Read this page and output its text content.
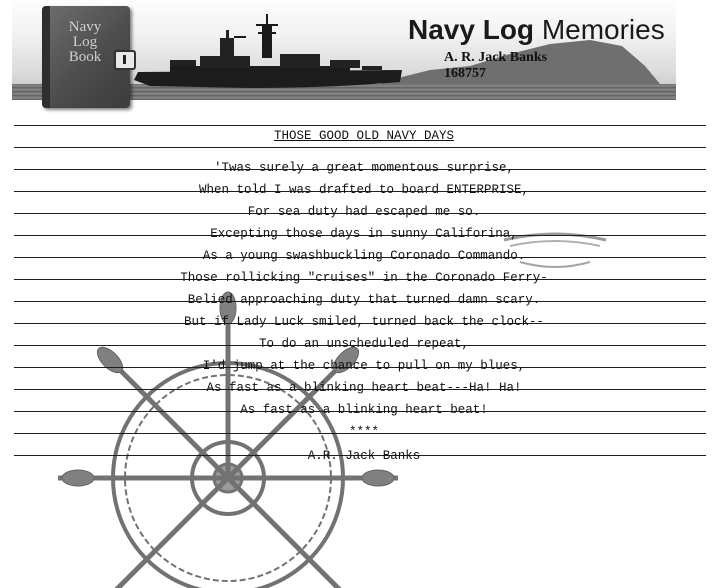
Navy
Log
Book
Navy Log Memories
A. R. Jack Banks
168757
THOSE GOOD OLD NAVY DAYS
'Twas surely a great momentous surprise,
When told I was drafted to board ENTERPRISE,
For sea duty had escaped me so.
Excepting those days in sunny Califorina,
As a young swashbuckling Coronado Commando.
Those rollicking "cruises" in the Coronado Ferry-
Belied approaching duty that turned damn scary.
But if Lady Luck smiled, turned back the clock--
To do an unscheduled repeat,
I'd jump at the chance to pull on my blues,
As fast as a blinking heart beat---Ha! Ha!
As fast as a blinking heart beat!
****
A.R. Jack Banks
